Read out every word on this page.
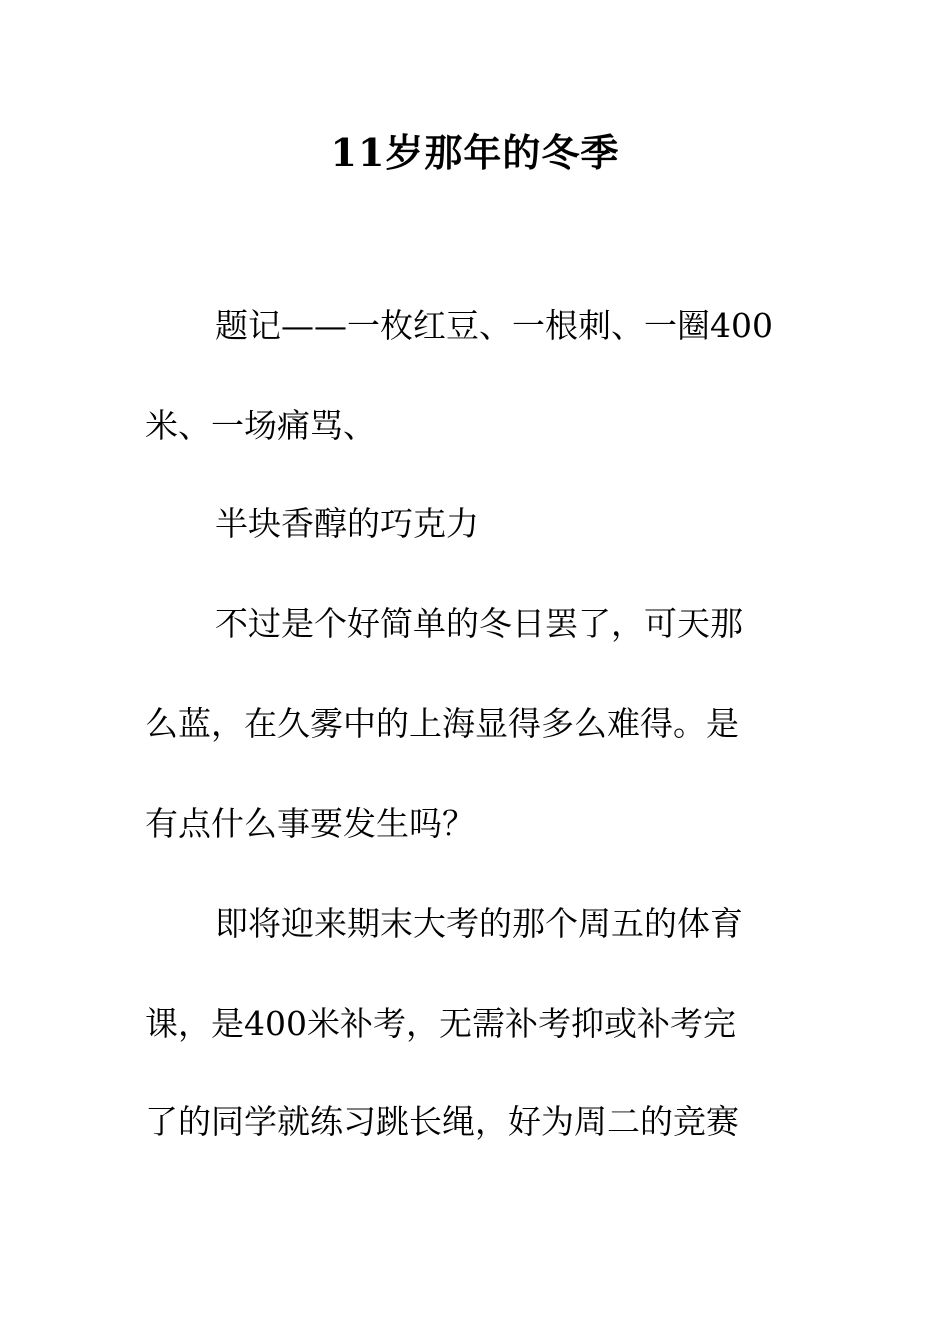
11岁那年的冬季
题记——一枚红豆、一根刺、一圈400
米、一场痛骂、
半块香醇的巧克力
不过是个好简单的冬日罢了，可天那
么蓝，在久雾中的上海显得多么难得。是
有点什么事要发生吗？
即将迎来期末大考的那个周五的体育
课，是400米补考，无需补考抑或补考完
了的同学就练习跳长绳，好为周二的竞赛
